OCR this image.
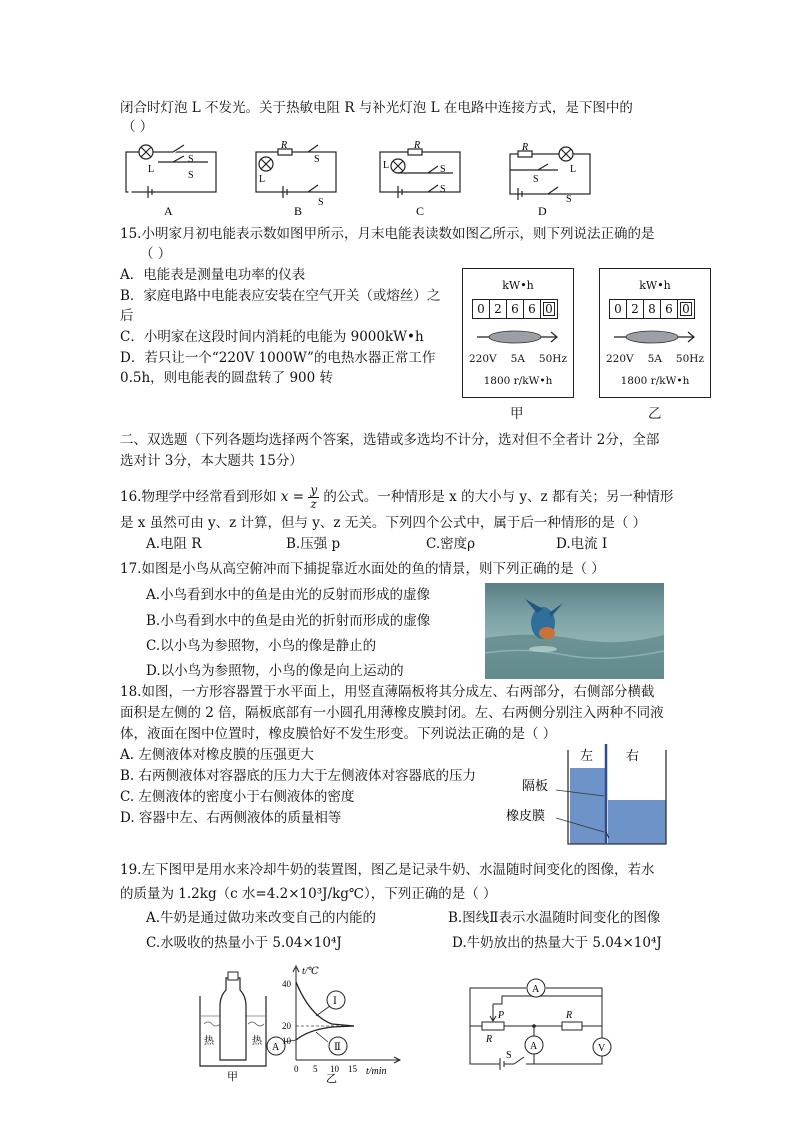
闭合时灯泡 L 不发光。关于热敏电阻 R 与补光灯泡 L 在电路中连接方式，是下图中的
（ ）
L
S
S
A
R
L
S
S
B
R
L	S
S
C
R
L
S
S
D
15.小明家月初电能表示数如图甲所示，月末电能表读数如图乙所示，则下列说法正确的是
（ ）
A．电能表是测量电功率的仪表
B．家庭电路中电能表应安装在空气开关（或熔丝）之
后
C．小明家在这段时间内消耗的电能为 9000kW•h
D．若只让一个“220V 1000W”的电热水器正常工作
0.5h，则电能表的圆盘转了 900 转
kW•h
0 2 6 6 0
220V 5A 50Hz
1800 r/kW•h
甲
kW•h
0 2 8 6 0
220V 5A 50Hz
1800 r/kW•h
乙
二、双选题（下列各题均选择两个答案，选错或多选均不计分，选对但不全者计 2分，全部
选对计 3分，本大题共 15分）
16.物理学中经常看到形如 $x = \frac{y}{z}$ 的公式。一种情形是 x 的大小与 y、z 都有关；另一种情形
是 x 虽然可由 y、z 计算，但与 y、z 无关。下列四个公式中，属于后一种情形的是（ ）
A.电阻 R	B.压强 p	C.密度ρ	D.电流 I
17.如图是小鸟从高空俯冲而下捕捉靠近水面处的鱼的情景，则下列正确的是（ ）
A.小鸟看到水中的鱼是由光的反射而形成的虚像
B.小鸟看到水中的鱼是由光的折射而形成的虚像
C.以小鸟为参照物，小鸟的像是静止的
D.以小鸟为参照物，小鸟的像是向上运动的
18.如图，一方形容器置于水平面上，用竖直薄隔板将其分成左、右两部分，右侧部分横截
面积是左侧的 2 倍，隔板底部有一小圆孔用薄橡皮膜封闭。左、右两侧分别注入两种不同液
体，液面在图中位置时，橡皮膜恰好不发生形变。下列说法正确的是（ ）
A. 左侧液体对橡皮膜的压强更大
B. 右两侧液体对容器底的压力大于左侧液体对容器底的压力
C. 左侧液体的密度小于右侧液体的密度
D. 容器中左、右两侧液体的质量相等
左	右
隔板
橡皮膜
19.左下图甲是用水来冷却牛奶的装置图，图乙是记录牛奶、水温随时间变化的图像，若水
的质量为 1.2kg（c 水=4.2×10³J/kg℃），下列正确的是（ ）
A.牛奶是通过做功来改变自己的内能的	B.图线Ⅱ表示水温随时间变化的图像
C.水吸收的热量小于 5.04×10⁴J	D.牛奶放出的热量大于 5.04×10⁴J
热	热
甲
t/℃
t/min
40
20
10
0 5 10 15
Ⅰ
Ⅱ
A
乙
A
A	V
R
R
P
S
